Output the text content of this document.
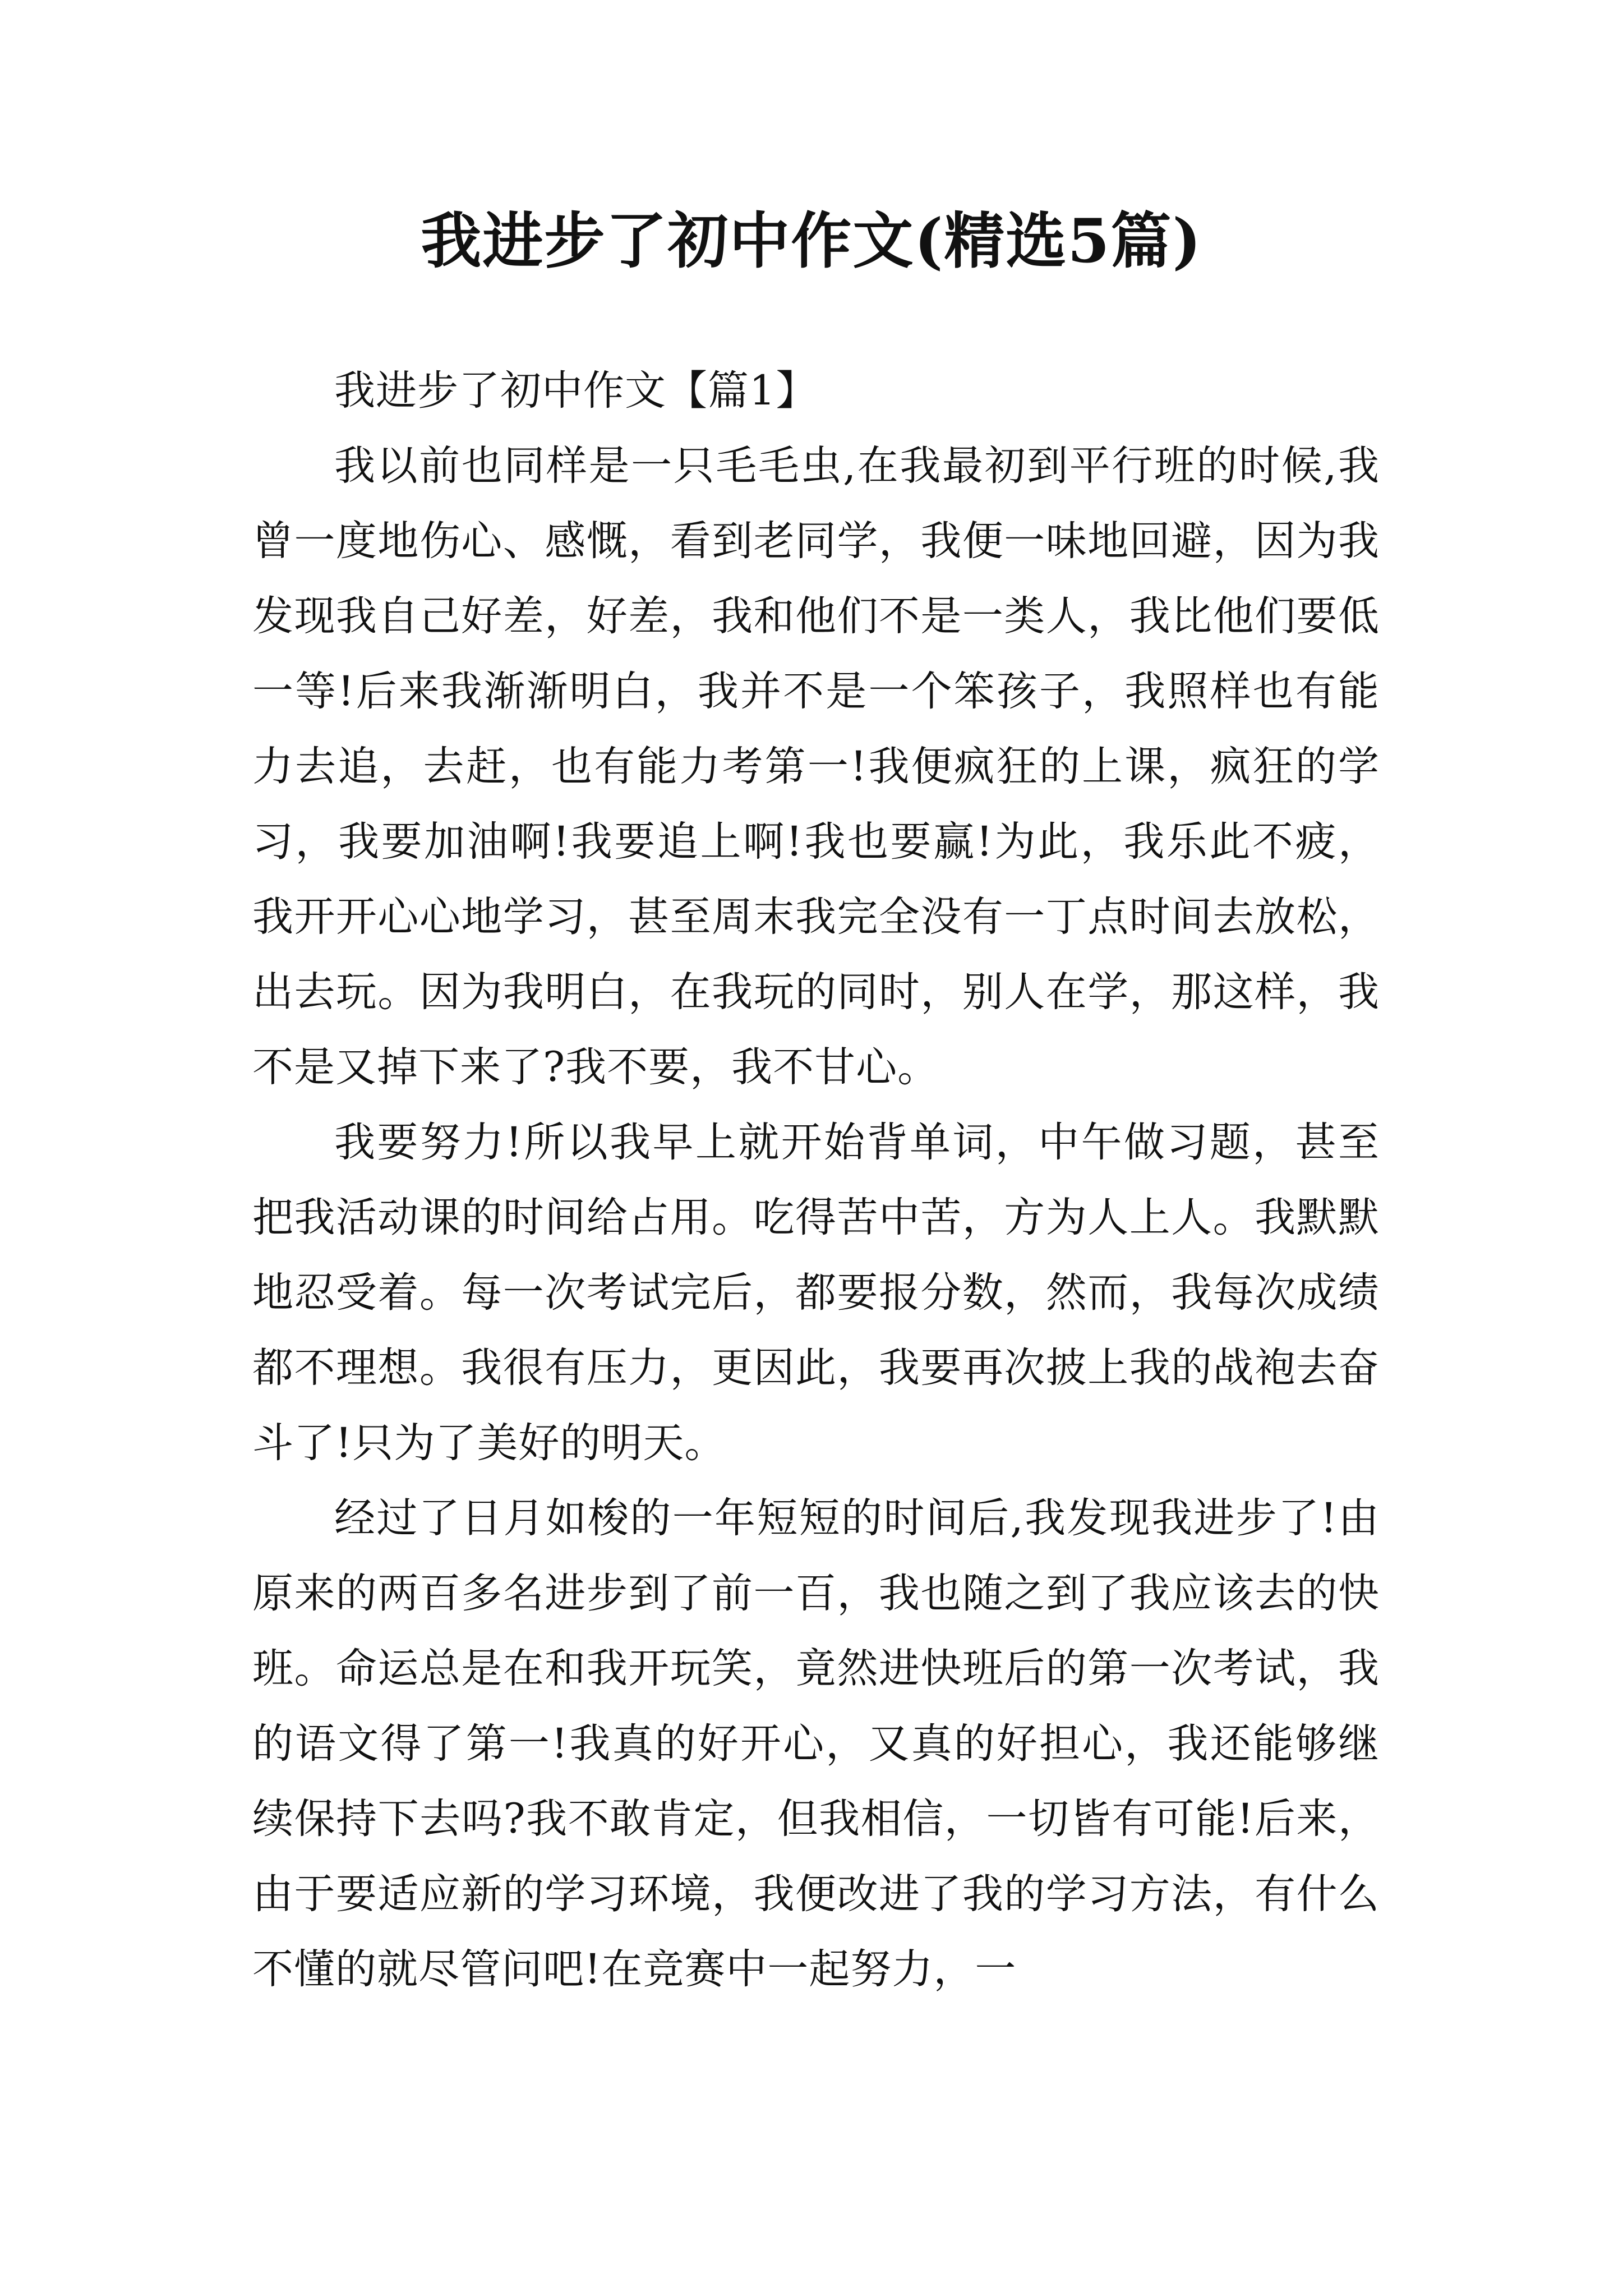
我进步了初中作文(精选5篇)

我进步了初中作文【篇1】

我以前也同样是一只毛毛虫,在我最初到平行班的时候,我曾一度地伤心、感慨，看到老同学，我便一味地回避，因为我发现我自己好差，好差，我和他们不是一类人，我比他们要低一等!后来我渐渐明白，我并不是一个笨孩子，我照样也有能力去追，去赶，也有能力考第一!我便疯狂的上课，疯狂的学习，我要加油啊!我要追上啊!我也要赢!为此，我乐此不疲，我开开心心地学习，甚至周末我完全没有一丁点时间去放松，出去玩。因为我明白，在我玩的同时，别人在学，那这样，我不是又掉下来了?我不要，我不甘心。

我要努力!所以我早上就开始背单词，中午做习题，甚至把我活动课的时间给占用。吃得苦中苦，方为人上人。我默默地忍受着。每一次考试完后，都要报分数，然而，我每次成绩都不理想。我很有压力，更因此，我要再次披上我的战袍去奋斗了!只为了美好的明天。

经过了日月如梭的一年短短的时间后,我发现我进步了!由原来的两百多名进步到了前一百，我也随之到了我应该去的快班。命运总是在和我开玩笑，竟然进快班后的第一次考试，我的语文得了第一!我真的好开心，又真的好担心，我还能够继续保持下去吗?我不敢肯定，但我相信，一切皆有可能!后来，由于要适应新的学习环境，我便改进了我的学习方法，有什么不懂的就尽管问吧!在竞赛中一起努力，一
